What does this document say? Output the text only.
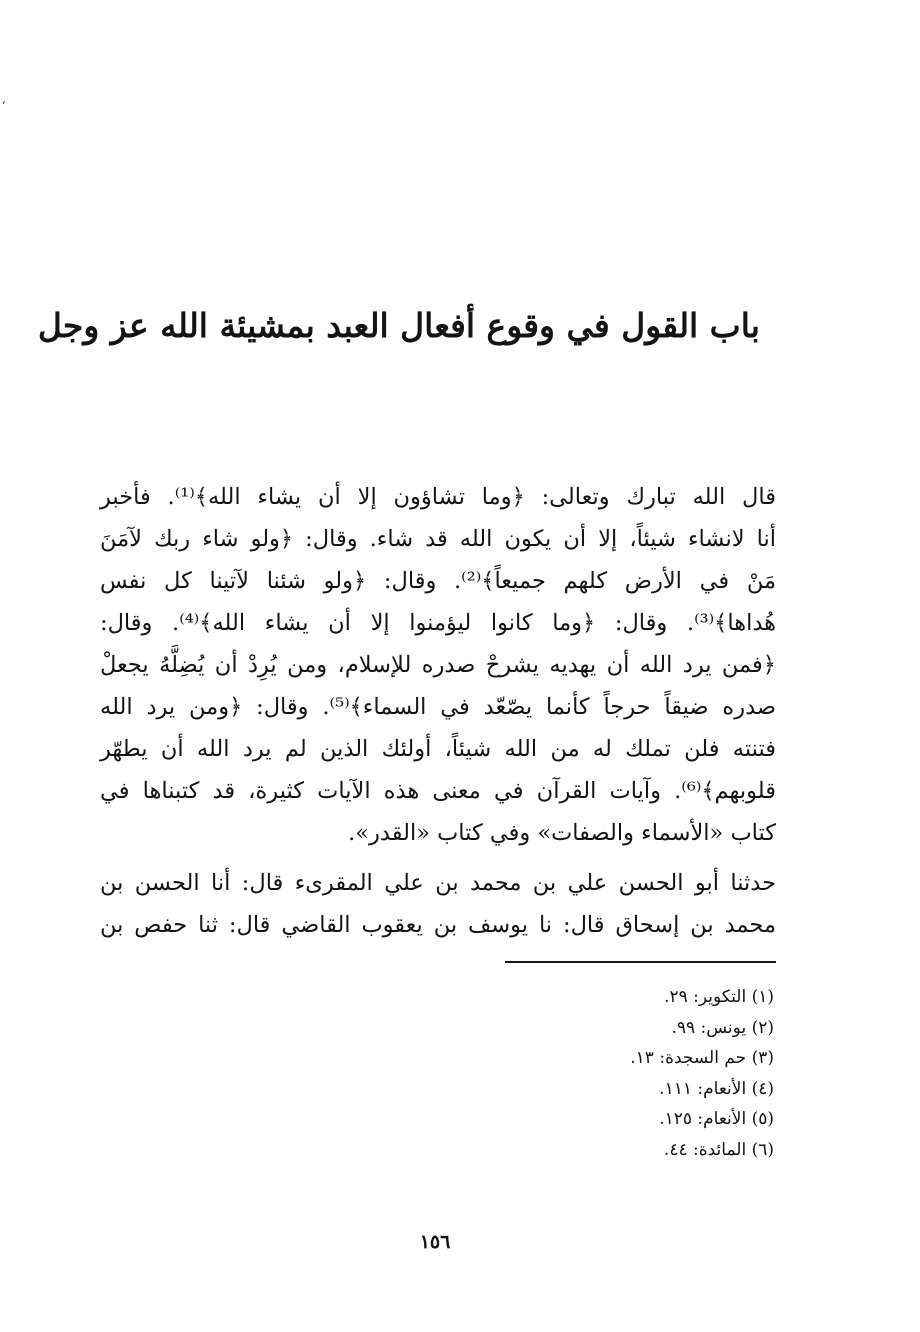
٬
باب القول في وقوع أفعال العبد بمشيئة الله عز وجل
قال الله تبارك وتعالى: ﴿وما تشاؤون إلا أن يشاء الله﴾⁽¹⁾. فأخبر
أنا لانشاء شيئاً، إلا أن يكون الله قد شاء. وقال: ﴿ولو شاء ربك لآمَنَ
مَنْ في الأرض كلهم جميعاً﴾⁽²⁾. وقال: ﴿ولو شئنا لآتينا كل نفس
هُداها﴾⁽³⁾. وقال: ﴿وما كانوا ليؤمنوا إلا أن يشاء الله﴾⁽⁴⁾. وقال:
﴿فمن يرد الله أن يهديه يشرحْ صدره للإسلام، ومن يُرِدْ أن يُضِلَّهُ يجعلْ
صدره ضيقاً حرجاً كأنما يصّعّد في السماء﴾⁽⁵⁾. وقال: ﴿ومن يرد الله
فتنته فلن تملك له من الله شيئاً، أولئك الذين لم يرد الله أن يطهّر
قلوبهم﴾⁽⁶⁾. وآيات القرآن في معنى هذه الآيات كثيرة، قد كتبناها في
كتاب «الأسماء والصفات» وفي كتاب «القدر».
حدثنا أبو الحسن علي بن محمد بن علي المقرىء قال: أنا الحسن بن
محمد بن إسحاق قال: نا يوسف بن يعقوب القاضي قال: ثنا حفص بن
(١) التكوير: ٢٩.
(٢) يونس: ٩٩.
(٣) حم السجدة: ١٣.
(٤) الأنعام: ١١١.
(٥) الأنعام: ١٢٥.
(٦) المائدة: ٤٤.
١٥٦
